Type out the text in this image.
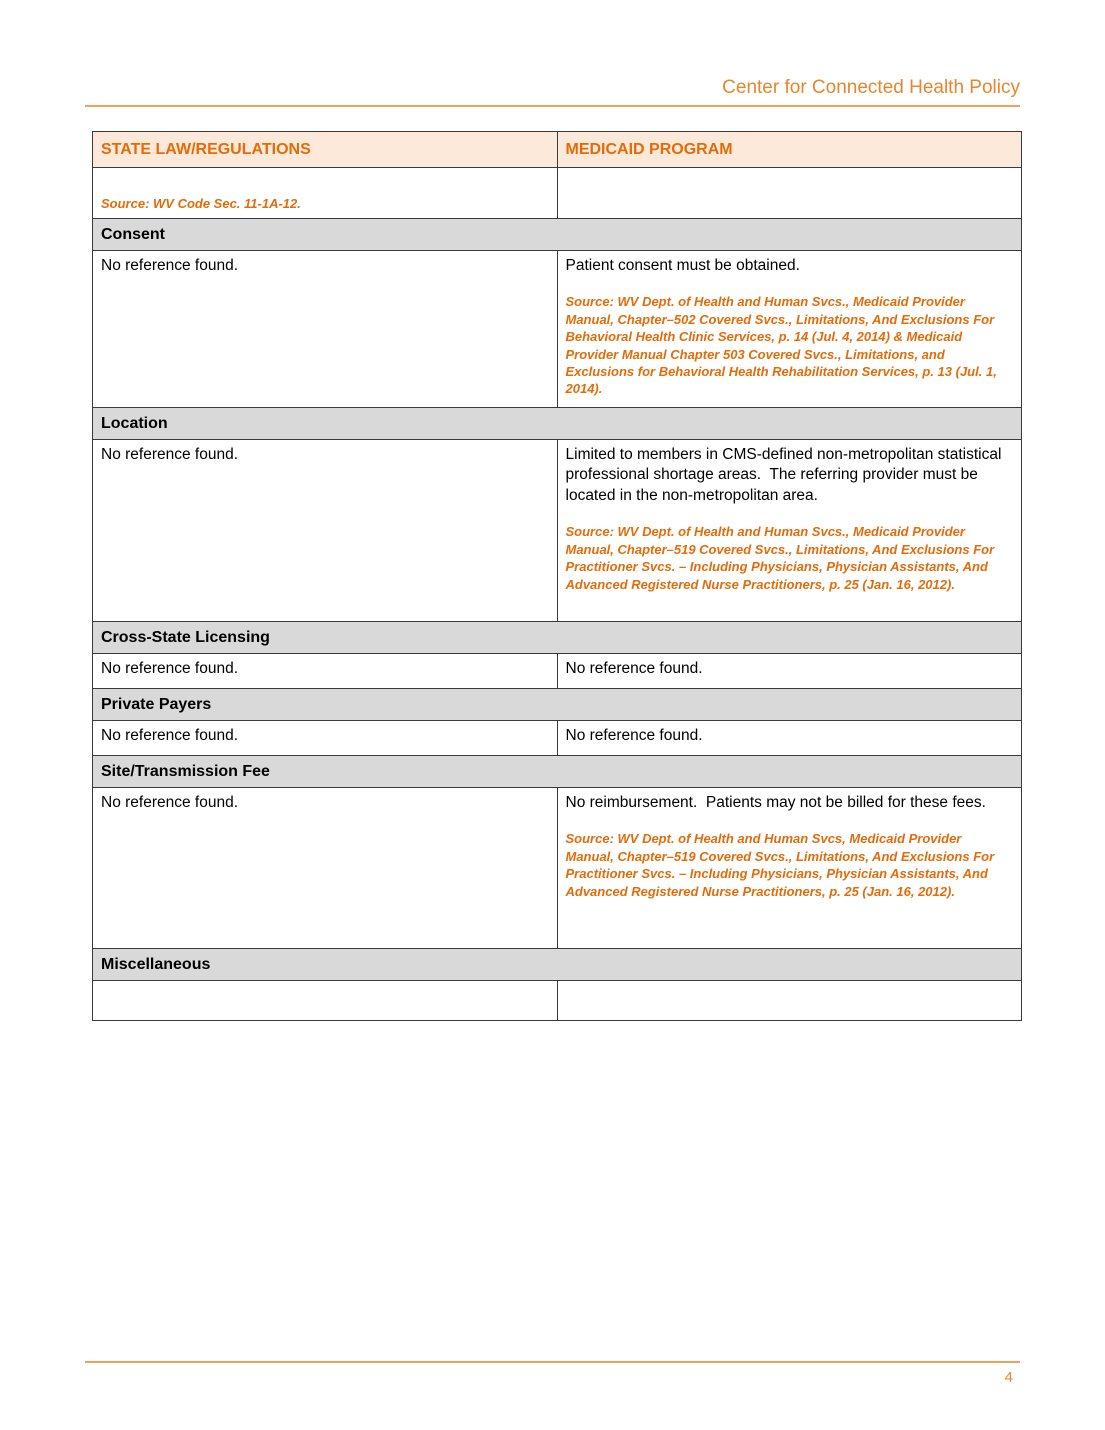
Center for Connected Health Policy
STATE LAW/REGULATIONS	MEDICAID PROGRAM

Source: WV Code Sec. 11-1A-12.	

Consent	

No reference found.	Patient consent must be obtained.

Source: WV Dept. of Health and Human Svcs., Medicaid Provider Manual, Chapter–502 Covered Svcs., Limitations, And Exclusions For Behavioral Health Clinic Services, p. 14 (Jul. 4, 2014) & Medicaid Provider Manual Chapter 503 Covered Svcs., Limitations, and Exclusions for Behavioral Health Rehabilitation Services, p. 13 (Jul. 1, 2014).

Location	

No reference found.	Limited to members in CMS-defined non-metropolitan statistical professional shortage areas.  The referring provider must be located in the non-metropolitan area.

Source: WV Dept. of Health and Human Svcs., Medicaid Provider Manual, Chapter–519 Covered Svcs., Limitations, And Exclusions For Practitioner Svcs. – Including Physicians, Physician Assistants, And Advanced Registered Nurse Practitioners, p. 25 (Jan. 16, 2012).

Cross-State Licensing	

No reference found.	No reference found.

Private Payers	

No reference found.	No reference found.

Site/Transmission Fee	

No reference found.	No reimbursement.  Patients may not be billed for these fees.

Source: WV Dept. of Health and Human Svcs, Medicaid Provider Manual, Chapter–519 Covered Svcs., Limitations, And Exclusions For Practitioner Svcs. – Including Physicians, Physician Assistants, And Advanced Registered Nurse Practitioners, p. 25 (Jan. 16, 2012).

Miscellaneous	

4
